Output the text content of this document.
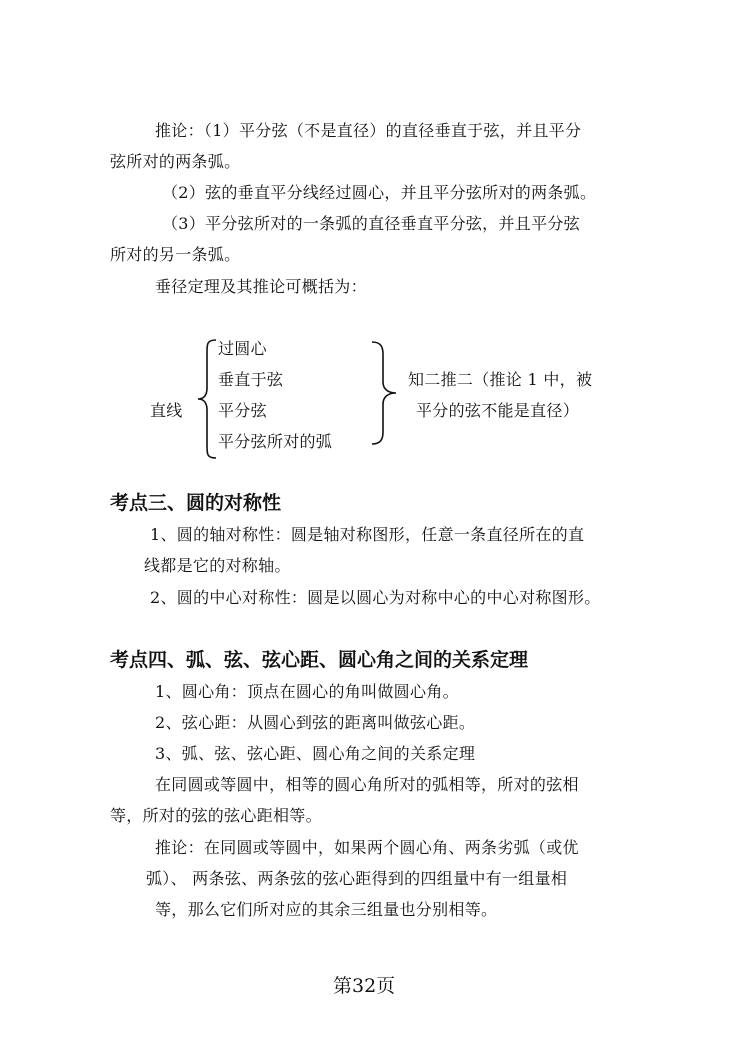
推论：（1）平分弦（不是直径）的直径垂直于弦，并且平分
弦所对的两条弧。
（2）弦的垂直平分线经过圆心，并且平分弦所对的两条弧。
（3）平分弦所对的一条弧的直径垂直平分弦，并且平分弦
所对的另一条弧。
垂径定理及其推论可概括为：
直线
过圆心
垂直于弦
平分弦
平分弦所对的弧
知二推二（推论 1 中，被
平分的弦不能是直径）
考点三、圆的对称性
1、圆的轴对称性：圆是轴对称图形，任意一条直径所在的直
线都是它的对称轴。
2、圆的中心对称性：圆是以圆心为对称中心的中心对称图形。
考点四、弧、弦、弦心距、圆心角之间的关系定理
1、圆心角：顶点在圆心的角叫做圆心角。
2、弦心距：从圆心到弦的距离叫做弦心距。
3、弧、弦、弦心距、圆心角之间的关系定理
在同圆或等圆中，相等的圆心角所对的弧相等，所对的弦相
等，所对的弦的弦心距相等。
推论：在同圆或等圆中，如果两个圆心角、两条劣弧（或优
弧）、 两条弦、两条弦的弦心距得到的四组量中有一组量相
等，那么它们所对应的其余三组量也分别相等。
第32页
